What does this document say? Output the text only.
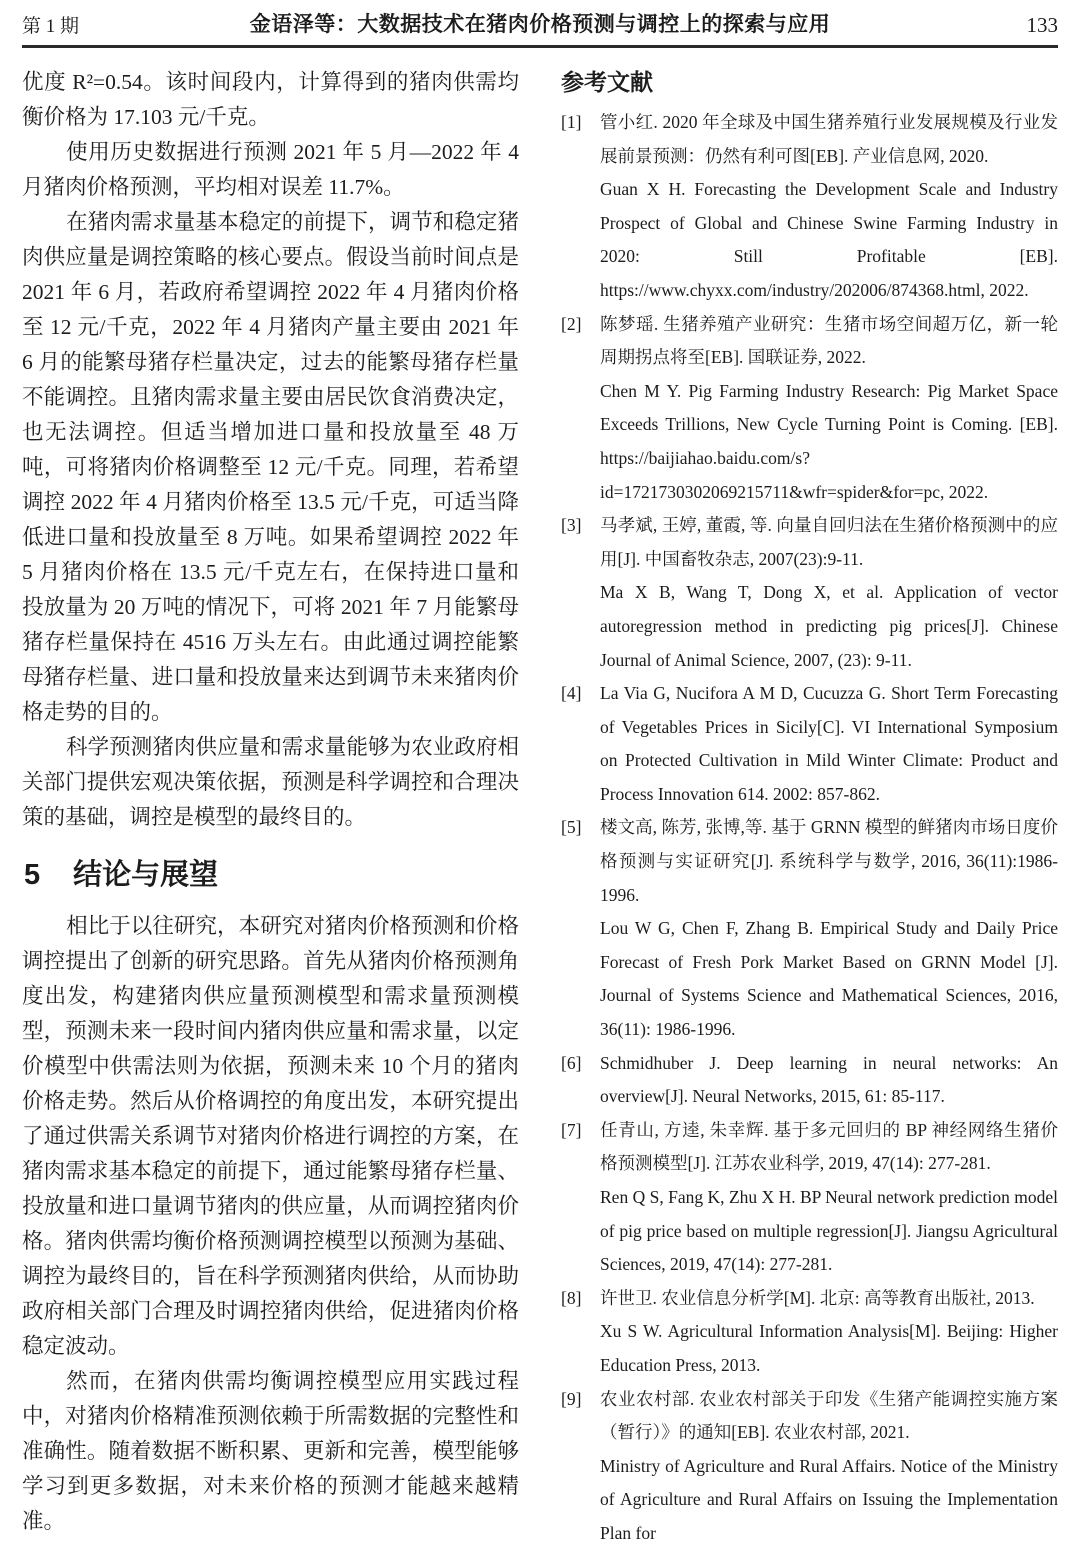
第 1 期	金语泽等：大数据技术在猪肉价格预测与调控上的探索与应用	133

优度 R²=0.54。该时间段内，计算得到的猪肉供需均衡价格为 17.103 元/千克。

使用历史数据进行预测 2021 年 5 月—2022 年 4 月猪肉价格预测，平均相对误差 11.7%。

在猪肉需求量基本稳定的前提下，调节和稳定猪肉供应量是调控策略的核心要点。假设当前时间点是 2021 年 6 月，若政府希望调控 2022 年 4 月猪肉价格至 12 元/千克，2022 年 4 月猪肉产量主要由 2021 年 6 月的能繁母猪存栏量决定，过去的能繁母猪存栏量不能调控。且猪肉需求量主要由居民饮食消费决定，也无法调控。但适当增加进口量和投放量至 48 万吨，可将猪肉价格调整至 12 元/千克。同理，若希望调控 2022 年 4 月猪肉价格至 13.5 元/千克，可适当降低进口量和投放量至 8 万吨。如果希望调控 2022 年 5 月猪肉价格在 13.5 元/千克左右，在保持进口量和投放量为 20 万吨的情况下，可将 2021 年 7 月能繁母猪存栏量保持在 4516 万头左右。由此通过调控能繁母猪存栏量、进口量和投放量来达到调节未来猪肉价格走势的目的。

科学预测猪肉供应量和需求量能够为农业政府相关部门提供宏观决策依据，预测是科学调控和合理决策的基础，调控是模型的最终目的。

5 结论与展望

相比于以往研究，本研究对猪肉价格预测和价格调控提出了创新的研究思路。首先从猪肉价格预测角度出发，构建猪肉供应量预测模型和需求量预测模型，预测未来一段时间内猪肉供应量和需求量，以定价模型中供需法则为依据，预测未来 10 个月的猪肉价格走势。然后从价格调控的角度出发，本研究提出了通过供需关系调节对猪肉价格进行调控的方案，在猪肉需求基本稳定的前提下，通过能繁母猪存栏量、投放量和进口量调节猪肉的供应量，从而调控猪肉价格。猪肉供需均衡价格预测调控模型以预测为基础、调控为最终目的，旨在科学预测猪肉供给，从而协助政府相关部门合理及时调控猪肉供给，促进猪肉价格稳定波动。

然而，在猪肉供需均衡调控模型应用实践过程中，对猪肉价格精准预测依赖于所需数据的完整性和准确性。随着数据不断积累、更新和完善，模型能够学习到更多数据，对未来价格的预测才能越来越精准。

参考文献
[1] 管小红. 2020 年全球及中国生猪养殖行业发展规模及行业发展前景预测：仍然有利可图[EB]. 产业信息网, 2020.
Guan X H. Forecasting the Development Scale and Industry Prospect of Global and Chinese Swine Farming Industry in 2020: Still Profitable [EB]. https://www.chyxx.com/industry/202006/874368.html, 2022.
[2] 陈梦瑶. 生猪养殖产业研究：生猪市场空间超万亿，新一轮周期拐点将至[EB]. 国联证券, 2022.
Chen M Y. Pig Farming Industry Research: Pig Market Space Exceeds Trillions, New Cycle Turning Point is Coming. [EB]. https://baijiahao.baidu.com/s?id=1721730302069215711&wfr=spider&for=pc, 2022.
[3] 马孝斌, 王婷, 董霞, 等. 向量自回归法在生猪价格预测中的应用[J]. 中国畜牧杂志, 2007(23):9-11.
Ma X B, Wang T, Dong X, et al. Application of vector autoregression method in predicting pig prices[J]. Chinese Journal of Animal Science, 2007, (23): 9-11.
[4] La Via G, Nucifora A M D, Cucuzza G. Short Term Forecasting of Vegetables Prices in Sicily[C]. VI International Symposium on Protected Cultivation in Mild Winter Climate: Product and Process Innovation 614. 2002: 857-862.
[5] 楼文高, 陈芳, 张博,等. 基于 GRNN 模型的鲜猪肉市场日度价格预测与实证研究[J]. 系统科学与数学, 2016, 36(11):1986-1996.
Lou W G, Chen F, Zhang B. Empirical Study and Daily Price Forecast of Fresh Pork Market Based on GRNN Model [J]. Journal of Systems Science and Mathematical Sciences, 2016, 36(11): 1986-1996.
[6] Schmidhuber J. Deep learning in neural networks: An overview[J]. Neural Networks, 2015, 61: 85-117.
[7] 任青山, 方逵, 朱幸辉. 基于多元回归的 BP 神经网络生猪价格预测模型[J]. 江苏农业科学, 2019, 47(14): 277-281.
Ren Q S, Fang K, Zhu X H. BP Neural network prediction model of pig price based on multiple regression[J]. Jiangsu Agricultural Sciences, 2019, 47(14): 277-281.
[8] 许世卫. 农业信息分析学[M]. 北京: 高等教育出版社, 2013.
Xu S W. Agricultural Information Analysis[M]. Beijing: Higher Education Press, 2013.
[9] 农业农村部. 农业农村部关于印发《生猪产能调控实施方案（暂行）》的通知[EB]. 农业农村部, 2021.
Ministry of Agriculture and Rural Affairs. Notice of the Ministry of Agriculture and Rural Affairs on Issuing the Implementation Plan for
